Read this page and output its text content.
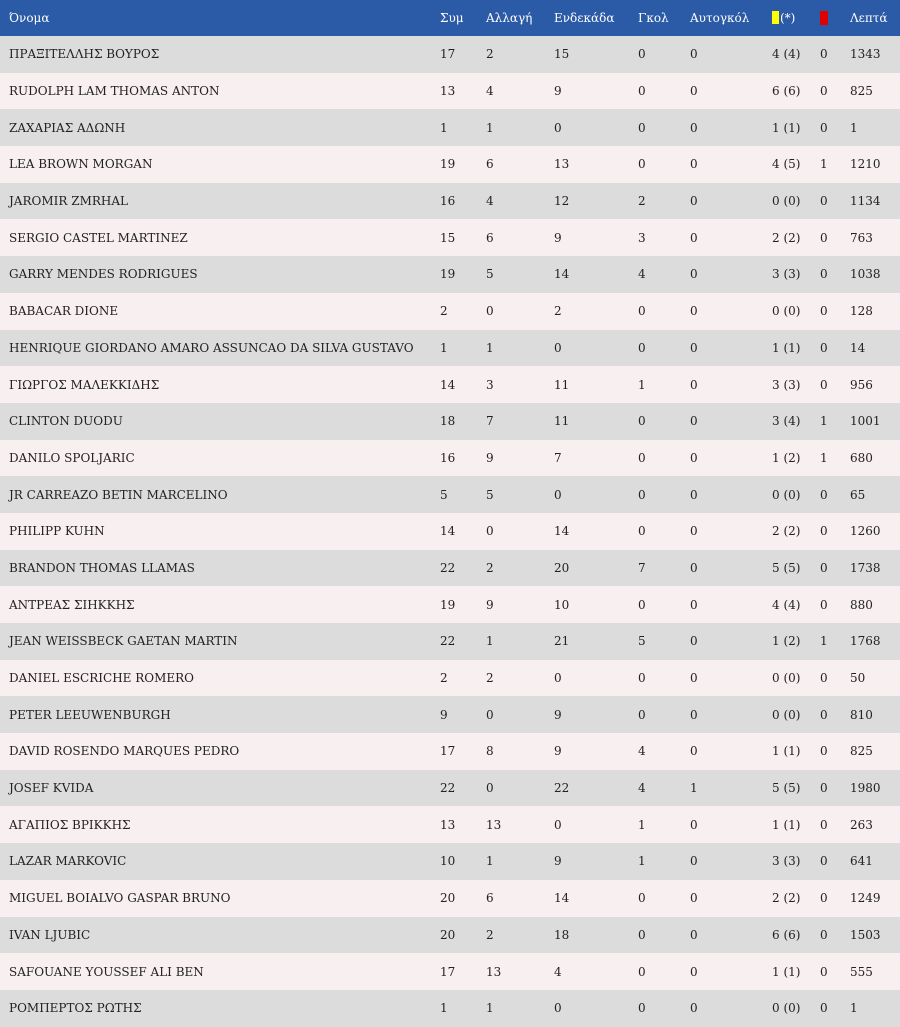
Όνομα	Συμ	Αλλαγή	Ενδεκάδα	Γκολ	Αυτογκόλ	(*)		Λεπτά
ΠΡΑΞΙΤΕΛΛΗΣ ΒΟΥΡΟΣ	17	2	15	0	0	4 (4)	0	1343
RUDOLPH LAM THOMAS ANTON	13	4	9	0	0	6 (6)	0	825
ΖΑΧΑΡΙΑΣ ΑΔΩΝΗ	1	1	0	0	0	1 (1)	0	1
LEA BROWN MORGAN	19	6	13	0	0	4 (5)	1	1210
JAROMIR ZMRHAL	16	4	12	2	0	0 (0)	0	1134
SERGIO CASTEL MARTINEZ	15	6	9	3	0	2 (2)	0	763
GARRY MENDES RODRIGUES	19	5	14	4	0	3 (3)	0	1038
BABACAR DIONE	2	0	2	0	0	0 (0)	0	128
HENRIQUE GIORDANO AMARO ASSUNCAO DA SILVA GUSTAVO	1	1	0	0	0	1 (1)	0	14
ΓΙΩΡΓΟΣ ΜΑΛΕΚΚΙΔΗΣ	14	3	11	1	0	3 (3)	0	956
CLINTON DUODU	18	7	11	0	0	3 (4)	1	1001
DANILO SPOLJARIC	16	9	7	0	0	1 (2)	1	680
JR CARREAZO BETIN MARCELINO	5	5	0	0	0	0 (0)	0	65
PHILIPP KUHN	14	0	14	0	0	2 (2)	0	1260
BRANDON THOMAS LLAMAS	22	2	20	7	0	5 (5)	0	1738
ΑΝΤΡΕΑΣ ΣΙΗΚΚΗΣ	19	9	10	0	0	4 (4)	0	880
JEAN WEISSBECK GAETAN MARTIN	22	1	21	5	0	1 (2)	1	1768
DANIEL ESCRICHE ROMERO	2	2	0	0	0	0 (0)	0	50
PETER LEEUWENBURGH	9	0	9	0	0	0 (0)	0	810
DAVID ROSENDO MARQUES PEDRO	17	8	9	4	0	1 (1)	0	825
JOSEF KVIDA	22	0	22	4	1	5 (5)	0	1980
ΑΓΑΠΙΟΣ ΒΡΙΚΚΗΣ	13	13	0	1	0	1 (1)	0	263
LAZAR MARKOVIC	10	1	9	1	0	3 (3)	0	641
MIGUEL BOIALVO GASPAR BRUNO	20	6	14	0	0	2 (2)	0	1249
IVAN LJUBIC	20	2	18	0	0	6 (6)	0	1503
SAFOUANE YOUSSEF ALI BEN	17	13	4	0	0	1 (1)	0	555
ΡΟΜΠΕΡΤΟΣ ΡΩΤΗΣ	1	1	0	0	0	0 (0)	0	1
